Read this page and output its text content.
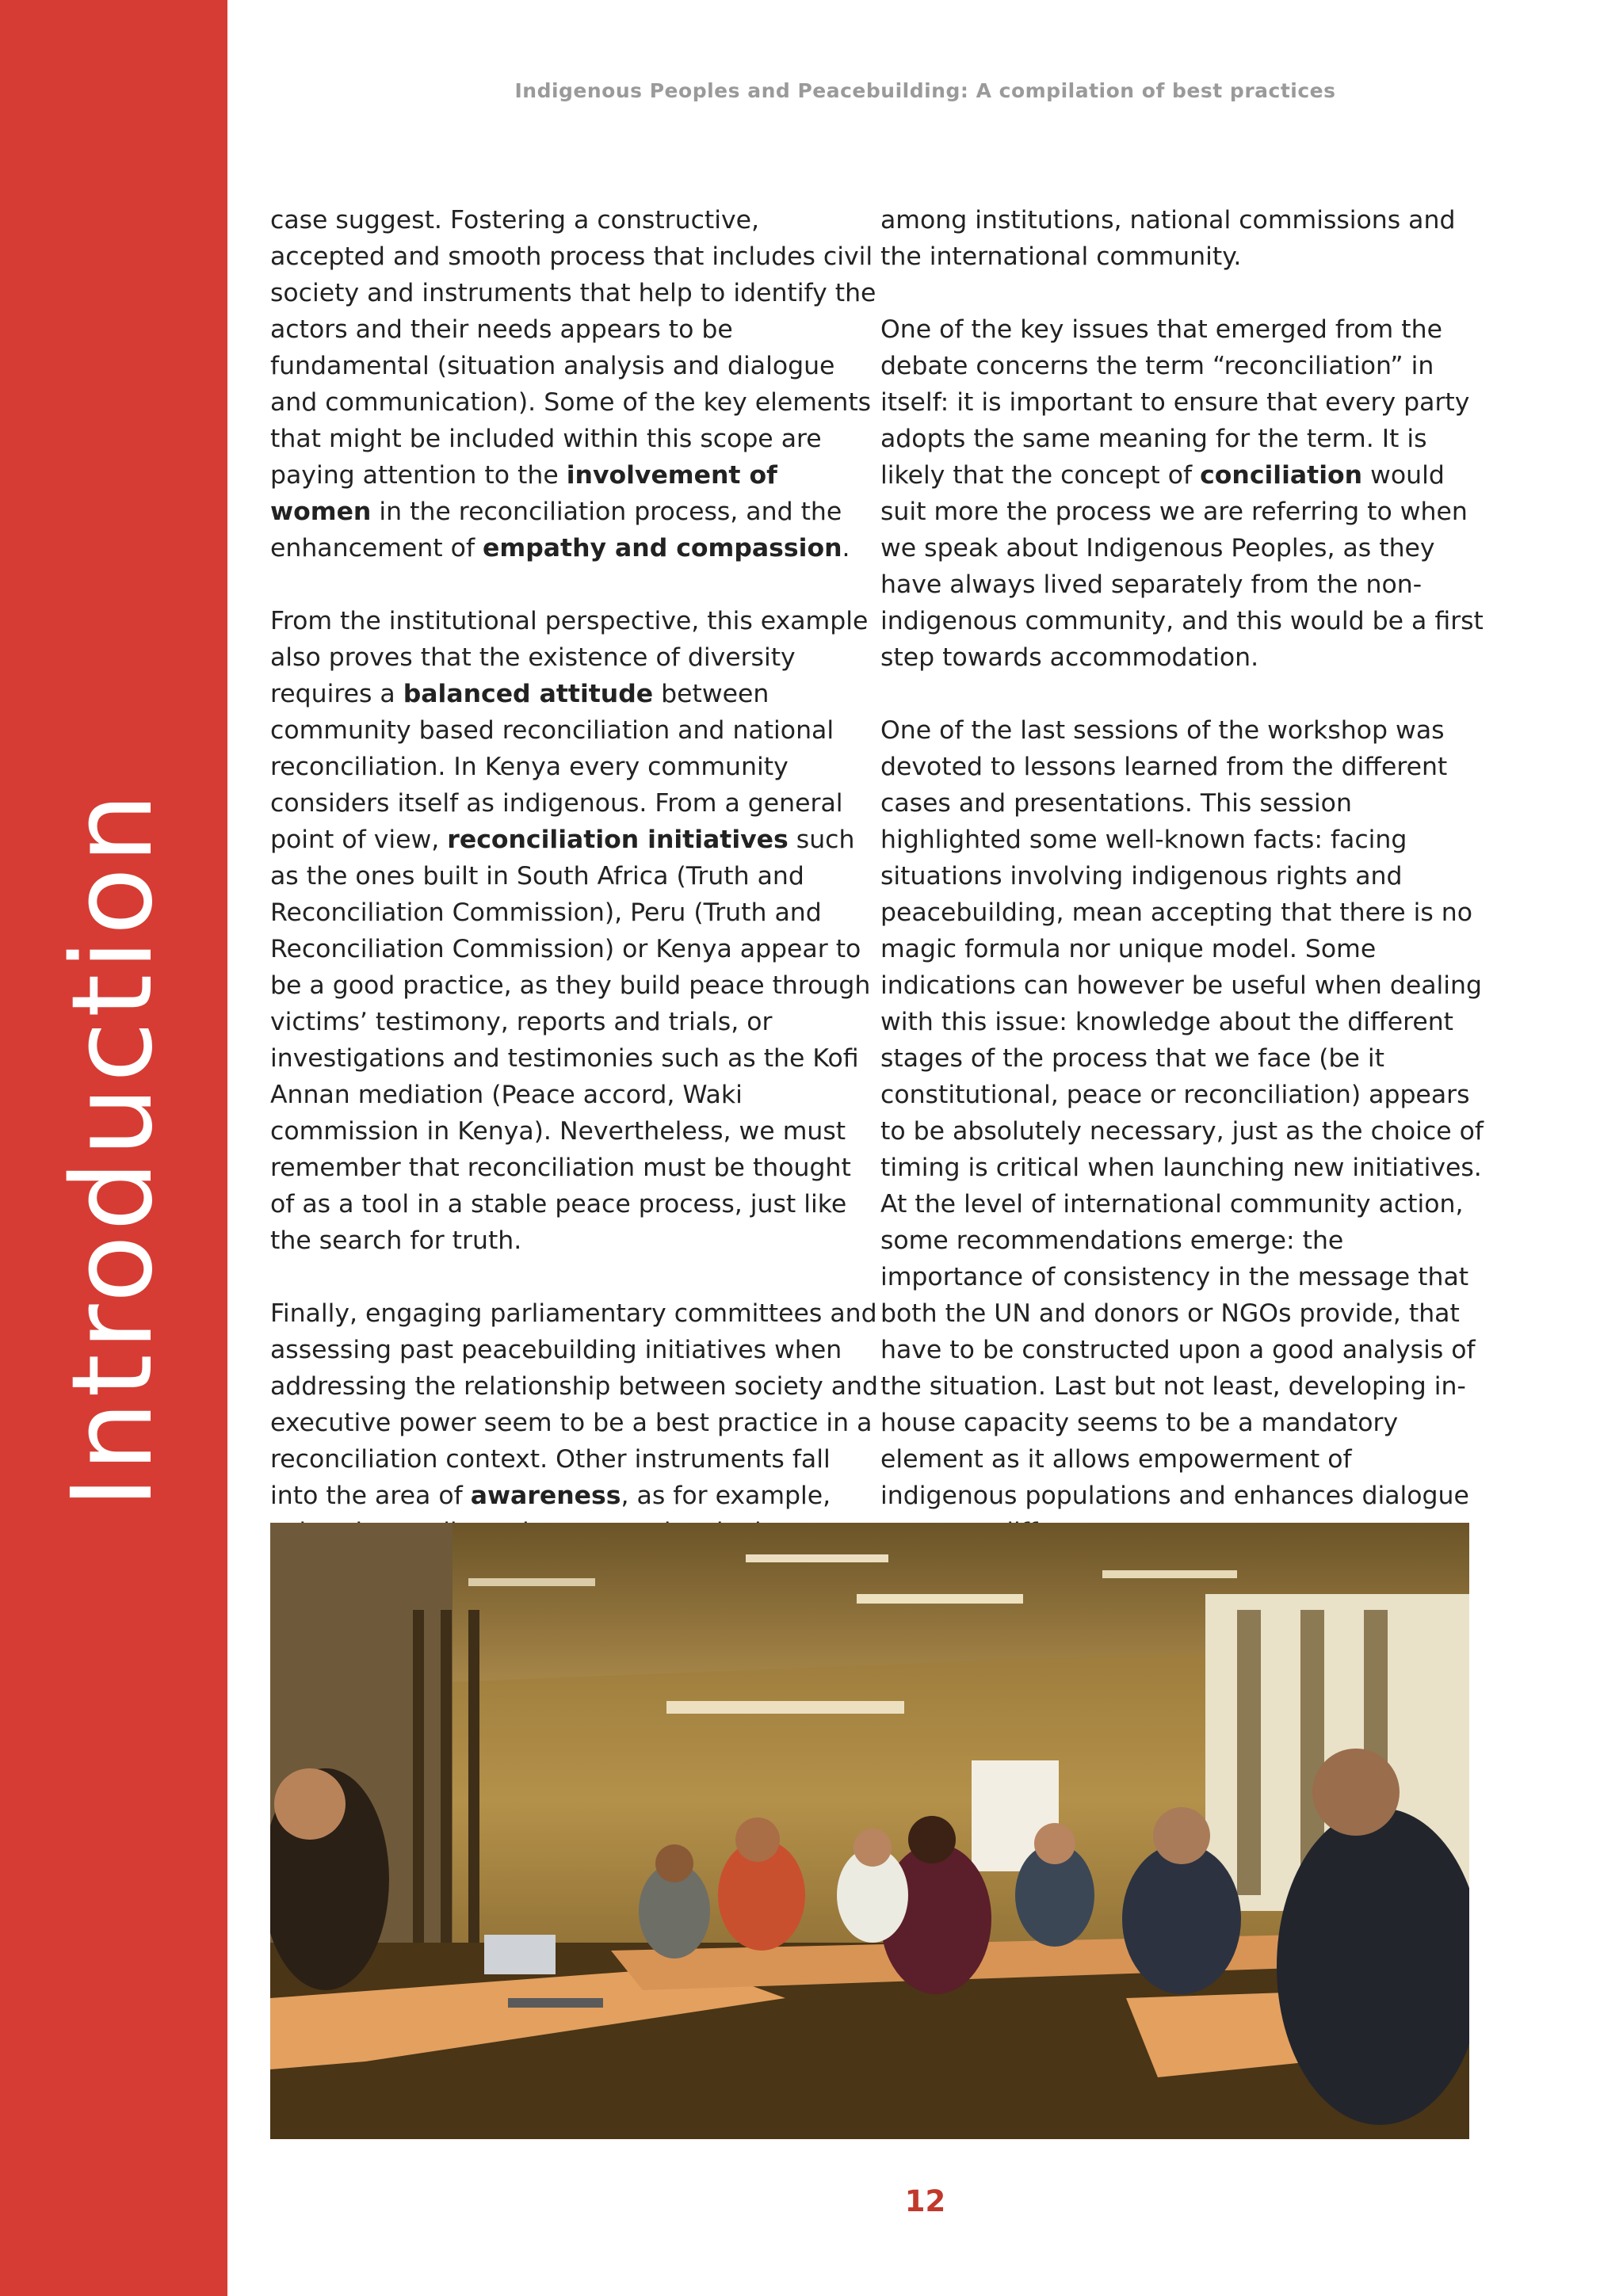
Introduction
Indigenous Peoples and Peacebuilding: A compilation of best practices

case suggest. Fostering a constructive, accepted and smooth process that includes civil society and instruments that help to identify the actors and their needs appears to be fundamental (situation analysis and dialogue and communication). Some of the key elements that might be included within this scope are paying attention to the involvement of women in the reconciliation process, and the enhancement of empathy and compassion.

From the institutional perspective, this example also proves that the existence of diversity requires a balanced attitude between community based reconciliation and national reconciliation. In Kenya every community considers itself as indigenous. From a general point of view, reconciliation initiatives such as the ones built in South Africa (Truth and Reconciliation Commission), Peru (Truth and Reconciliation Commission) or Kenya appear to be a good practice, as they build peace through victims’ testimony, reports and trials, or investigations and testimonies such as the Kofi Annan mediation (Peace accord, Waki commission in Kenya). Nevertheless, we must remember that reconciliation must be thought of as a tool in a stable peace process, just like the search for truth.

Finally, engaging parliamentary committees and assessing past peacebuilding initiatives when addressing the relationship between society and executive power seem to be a best practice in a reconciliation context. Other instruments fall into the area of awareness, as for example,

among institutions, national commissions and the international community.

One of the key issues that emerged from the debate concerns the term “reconciliation” in itself: it is important to ensure that every party adopts the same meaning for the term. It is likely that the concept of conciliation would suit more the process we are referring to when we speak about Indigenous Peoples, as they have always lived separately from the non-indigenous community, and this would be a first step towards accommodation.

One of the last sessions of the workshop was devoted to lessons learned from the different cases and presentations. This session highlighted some well-known facts: facing situations involving indigenous rights and peacebuilding, mean accepting that there is no magic formula nor unique model. Some indications can however be useful when dealing with this issue: knowledge about the different stages of the process that we face (be it constitutional, peace or reconciliation) appears to be absolutely necessary, just as the choice of timing is critical when launching new initiatives. At the level of international community action, some recommendations emerge: the importance of consistency in the message that both the UN and donors or NGOs provide, that have to be constructed upon a good analysis of the situation. Last but not least, developing in-house capacity seems to be a mandatory element as it allows empowerment of indigenous populations and enhances dialogue

12
